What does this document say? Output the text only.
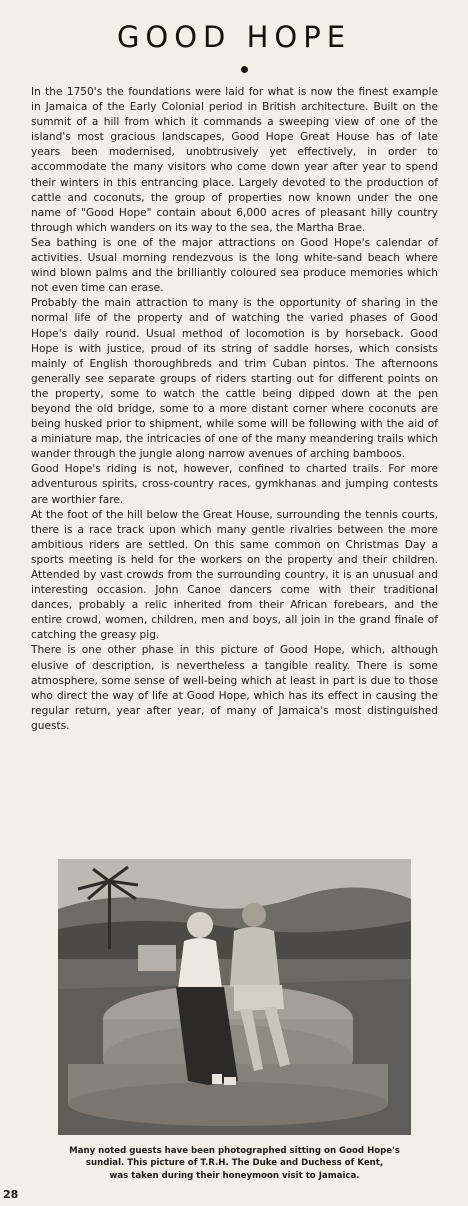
GOOD HOPE

In the 1750's the foundations were laid for what is now the finest example in Jamaica of the Early Colonial period in British architecture. Built on the summit of a hill from which it commands a sweeping view of one of the island's most gracious landscapes, Good Hope Great House has of late years been modernised, unobtrusively yet effectively, in order to accommodate the many visitors who come down year after year to spend their winters in this entrancing place. Largely devoted to the production of cattle and coconuts, the group of properties now known under the one name of "Good Hope" contain about 6,000 acres of pleasant hilly country through which wanders on its way to the sea, the Martha Brae.

Sea bathing is one of the major attractions on Good Hope's calendar of activities. Usual morning rendezvous is the long white-sand beach where wind blown palms and the brilliantly coloured sea produce memories which not even time can erase.

Probably the main attraction to many is the opportunity of sharing in the normal life of the property and of watching the varied phases of Good Hope's daily round. Usual method of locomotion is by horseback. Good Hope is with justice, proud of its string of saddle horses, which consists mainly of English thoroughbreds and trim Cuban pintos. The afternoons generally see separate groups of riders starting out for different points on the property, some to watch the cattle being dipped down at the pen beyond the old bridge, some to a more distant corner where coconuts are being husked prior to shipment, while some will be following with the aid of a miniature map, the intricacies of one of the many meandering trails which wander through the jungle along narrow avenues of arching bamboos.

Good Hope's riding is not, however, confined to charted trails. For more adventurous spirits, cross-country races, gymkhanas and jumping contests are worthier fare.

At the foot of the hill below the Great House, surrounding the tennis courts, there is a race track upon which many gentle rivalries between the more ambitious riders are settled. On this same common on Christmas Day a sports meeting is held for the workers on the property and their children. Attended by vast crowds from the surrounding country, it is an unusual and interesting occasion. John Canoe dancers come with their traditional dances, probably a relic inherited from their African forebears, and the entire crowd, women, children, men and boys, all join in the grand finale of catching the greasy pig.

There is one other phase in this picture of Good Hope, which, although elusive of description, is nevertheless a tangible reality. There is some atmosphere, some sense of well-being which at least in part is due to those who direct the way of life at Good Hope, which has its effect in causing the regular return, year after year, of many of Jamaica's most distinguished guests.

Many noted guests have been photographed sitting on Good Hope's
sundial. This picture of T.R.H. The Duke and Duchess of Kent,
was taken during their honeymoon visit to Jamaica.
28
